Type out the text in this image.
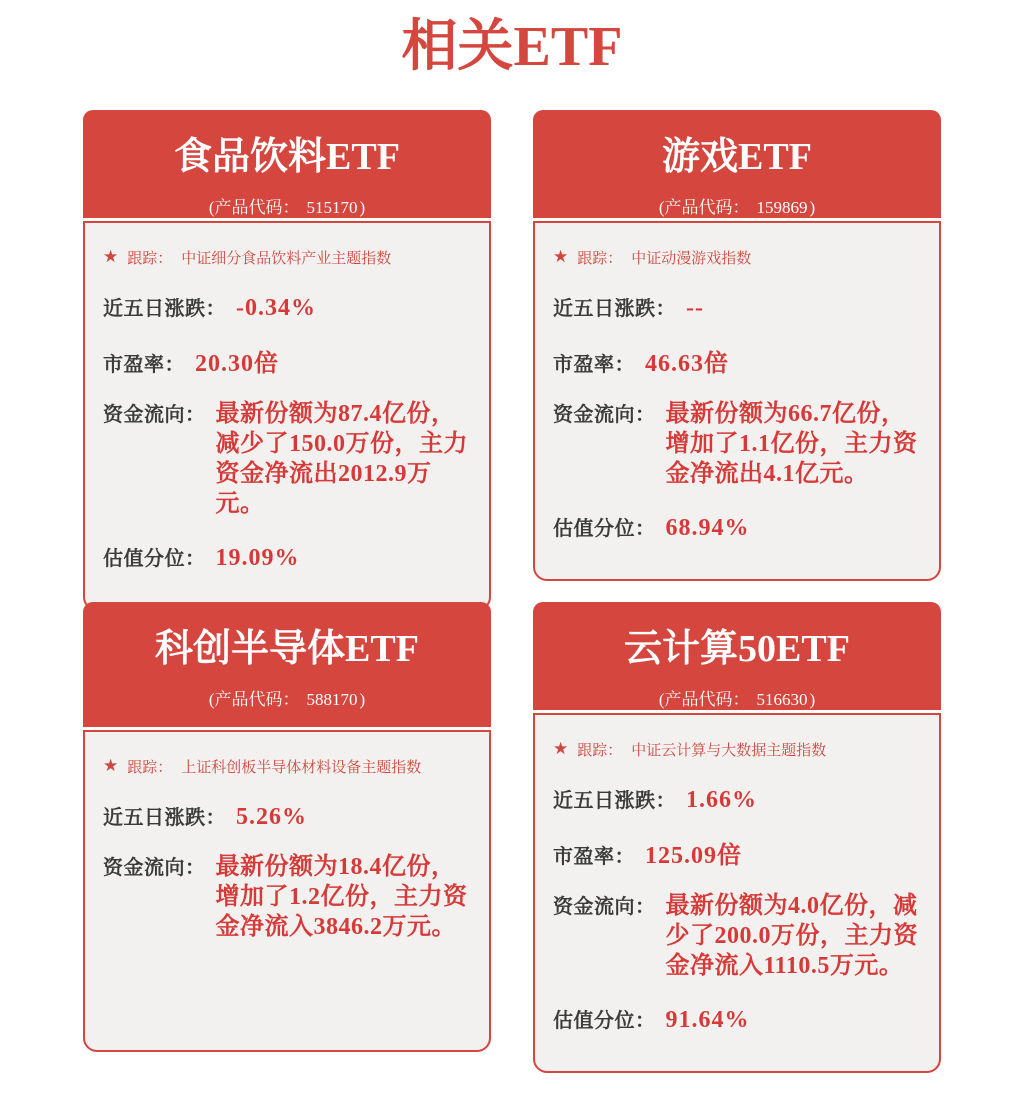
相关ETF
食品饮料ETF
(产品代码： 515170 )
★ 跟踪： 中证细分食品饮料产业主题指数
近五日涨跌： -0.34%
市盈率： 20.30倍
资金流向： 最新份额为87.4亿份，减少了150.0万份，主力资金净流出2012.9万元。
估值分位： 19.09%
游戏ETF
(产品代码： 159869 )
★ 跟踪： 中证动漫游戏指数
近五日涨跌： --
市盈率： 46.63倍
资金流向： 最新份额为66.7亿份，增加了1.1亿份，主力资金净流出4.1亿元。
估值分位： 68.94%
科创半导体ETF
(产品代码： 588170 )
★ 跟踪： 上证科创板半导体材料设备主题指数
近五日涨跌： 5.26%
资金流向： 最新份额为18.4亿份，增加了1.2亿份，主力资金净流入3846.2万元。
云计算50ETF
(产品代码： 516630 )
★ 跟踪： 中证云计算与大数据主题指数
近五日涨跌： 1.66%
市盈率： 125.09倍
资金流向： 最新份额为4.0亿份，减少了200.0万份，主力资金净流入1110.5万元。
估值分位： 91.64%
